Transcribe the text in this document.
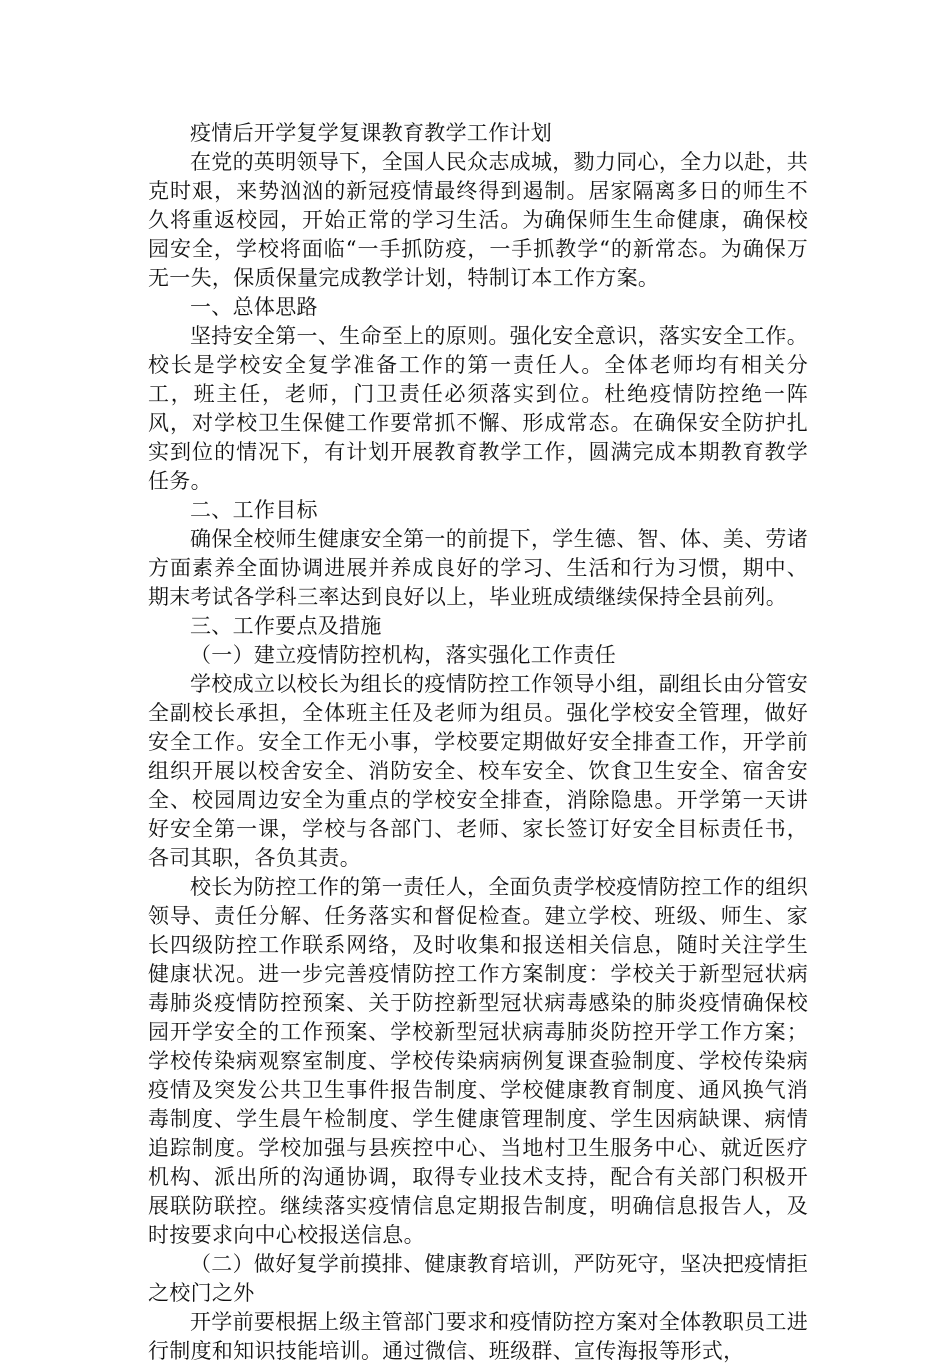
疫情后开学复学复课教育教学工作计划

在党的英明领导下，全国人民众志成城，勠力同心，全力以赴，共克时艰，来势汹汹的新冠疫情最终得到遏制。居家隔离多日的师生不久将重返校园，开始正常的学习生活。为确保师生生命健康，确保校园安全，学校将面临“一手抓防疫，一手抓教学“的新常态。为确保万无一失，保质保量完成教学计划，特制订本工作方案。

一、总体思路

坚持安全第一、生命至上的原则。强化安全意识，落实安全工作。校长是学校安全复学准备工作的第一责任人。全体老师均有相关分工，班主任，老师，门卫责任必须落实到位。杜绝疫情防控绝一阵风，对学校卫生保健工作要常抓不懈、形成常态。在确保安全防护扎实到位的情况下，有计划开展教育教学工作，圆满完成本期教育教学任务。

二、工作目标

确保全校师生健康安全第一的前提下，学生德、智、体、美、劳诸方面素养全面协调进展并养成良好的学习、生活和行为习惯，期中、期末考试各学科三率达到良好以上，毕业班成绩继续保持全县前列。

三、工作要点及措施

（一）建立疫情防控机构，落实强化工作责任

学校成立以校长为组长的疫情防控工作领导小组，副组长由分管安全副校长承担，全体班主任及老师为组员。强化学校安全管理，做好安全工作。安全工作无小事，学校要定期做好安全排查工作，开学前组织开展以校舍安全、消防安全、校车安全、饮食卫生安全、宿舍安全、校园周边安全为重点的学校安全排查，消除隐患。开学第一天讲好安全第一课，学校与各部门、老师、家长签订好安全目标责任书，各司其职，各负其责。

校长为防控工作的第一责任人，全面负责学校疫情防控工作的组织领导、责任分解、任务落实和督促检查。建立学校、班级、师生、家长四级防控工作联系网络，及时收集和报送相关信息，随时关注学生健康状况。进一步完善疫情防控工作方案制度：学校关于新型冠状病毒肺炎疫情防控预案、关于防控新型冠状病毒感染的肺炎疫情确保校园开学安全的工作预案、学校新型冠状病毒肺炎防控开学工作方案；学校传染病观察室制度、学校传染病病例复课查验制度、学校传染病疫情及突发公共卫生事件报告制度、学校健康教育制度、通风换气消毒制度、学生晨午检制度、学生健康管理制度、学生因病缺课、病情追踪制度。学校加强与县疾控中心、当地村卫生服务中心、就近医疗机构、派出所的沟通协调，取得专业技术支持，配合有关部门积极开展联防联控。继续落实疫情信息定期报告制度，明确信息报告人，及时按要求向中心校报送信息。

（二）做好复学前摸排、健康教育培训，严防死守，坚决把疫情拒之校门之外

开学前要根据上级主管部门要求和疫情防控方案对全体教职员工进行制度和知识技能培训。通过微信、班级群、宣传海报等形式，
